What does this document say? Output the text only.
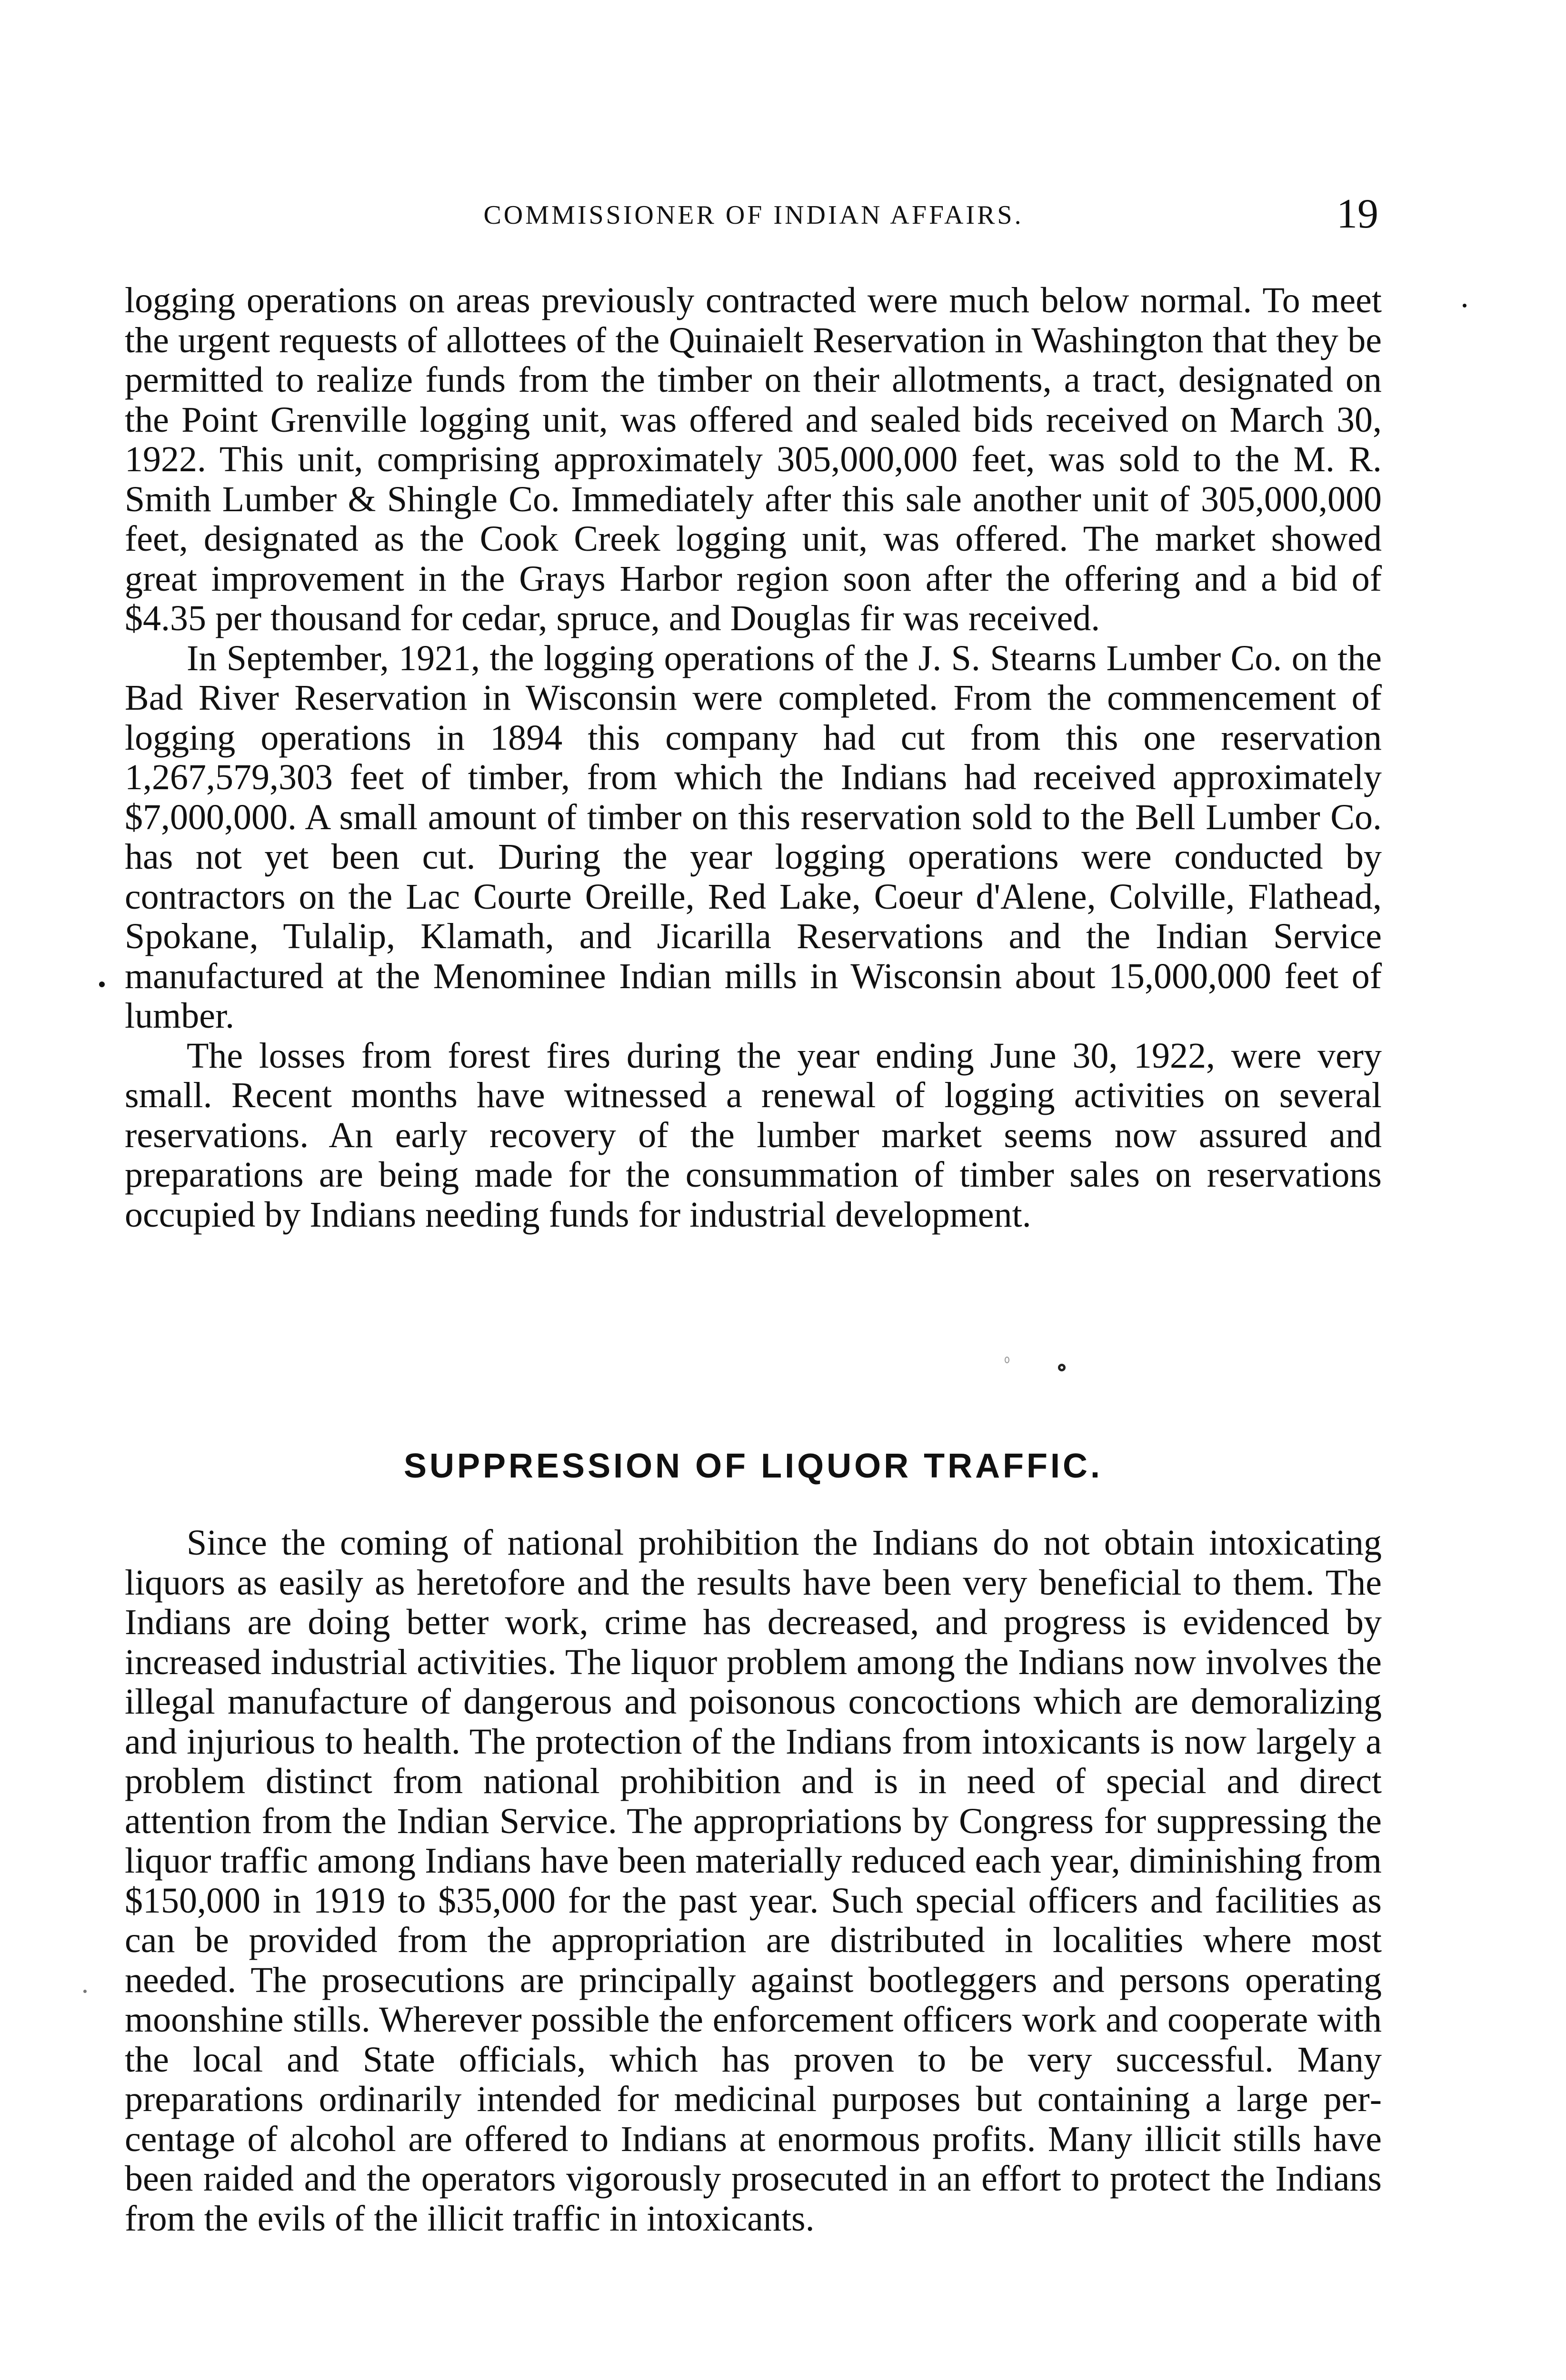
COMMISSIONER OF INDIAN AFFAIRS.	19

logging operations on areas previously contracted were much below normal. To meet the urgent requests of allottees of the Quinaielt Reservation in Washington that they be permitted to realize funds from the timber on their allotments, a tract, designated on the Point Grenville logging unit, was offered and sealed bids received on March 30, 1922. This unit, comprising approximately 305,000,000 feet, was sold to the M. R. Smith Lumber & Shingle Co. Immediately after this sale another unit of 305,000,000 feet, designated as the Cook Creek logging unit, was offered. The market showed great improvement in the Grays Harbor region soon after the offering and a bid of $4.35 per thousand for cedar, spruce, and Douglas fir was received.

In September, 1921, the logging operations of the J. S. Stearns Lumber Co. on the Bad River Reservation in Wisconsin were completed. From the commencement of logging operations in 1894 this company had cut from this one reservation 1,267,579,303 feet of timber, from which the Indians had received approximately $7,000,000. A small amount of timber on this reservation sold to the Bell Lumber Co. has not yet been cut. During the year logging operations were conducted by contractors on the Lac Courte Oreille, Red Lake, Coeur d'Alene, Colville, Flathead, Spokane, Tulalip, Klamath, and Jicarilla Reservations and the Indian Service manufactured at the Menominee Indian mills in Wisconsin about 15,000,000 feet of lumber.

The losses from forest fires during the year ending June 30, 1922, were very small. Recent months have witnessed a renewal of logging activities on several reservations. An early recovery of the lumber market seems now assured and preparations are being made for the consummation of timber sales on reservations occupied by Indians needing funds for industrial development.

SUPPRESSION OF LIQUOR TRAFFIC.

Since the coming of national prohibition the Indians do not obtain intoxicating liquors as easily as heretofore and the results have been very beneficial to them. The Indians are doing better work, crime has decreased, and progress is evidenced by increased industrial activities. The liquor problem among the Indians now involves the illegal manufacture of dangerous and poisonous concoctions which are demoralizing and injurious to health. The protection of the Indians from intoxicants is now largely a problem distinct from national prohibition and is in need of special and direct attention from the Indian Service. The appropriations by Congress for suppressing the liquor traffic among Indians have been materially reduced each year, diminishing from $150,000 in 1919 to $35,000 for the past year. Such special officers and facilities as can be provided from the appropriation are distributed in localities where most needed. The prosecutions are principally against bootleggers and persons operating moonshine stills. Wherever possible the enforcement officers work and cooperate with the local and State officials, which has proven to be very successful. Many preparations ordinarily intended for medicinal purposes but containing a large percentage of alcohol are offered to Indians at enormous profits. Many illicit stills have been raided and the operators vigorously prosecuted in an effort to protect the Indians from the evils of the illicit traffic in intoxicants.
